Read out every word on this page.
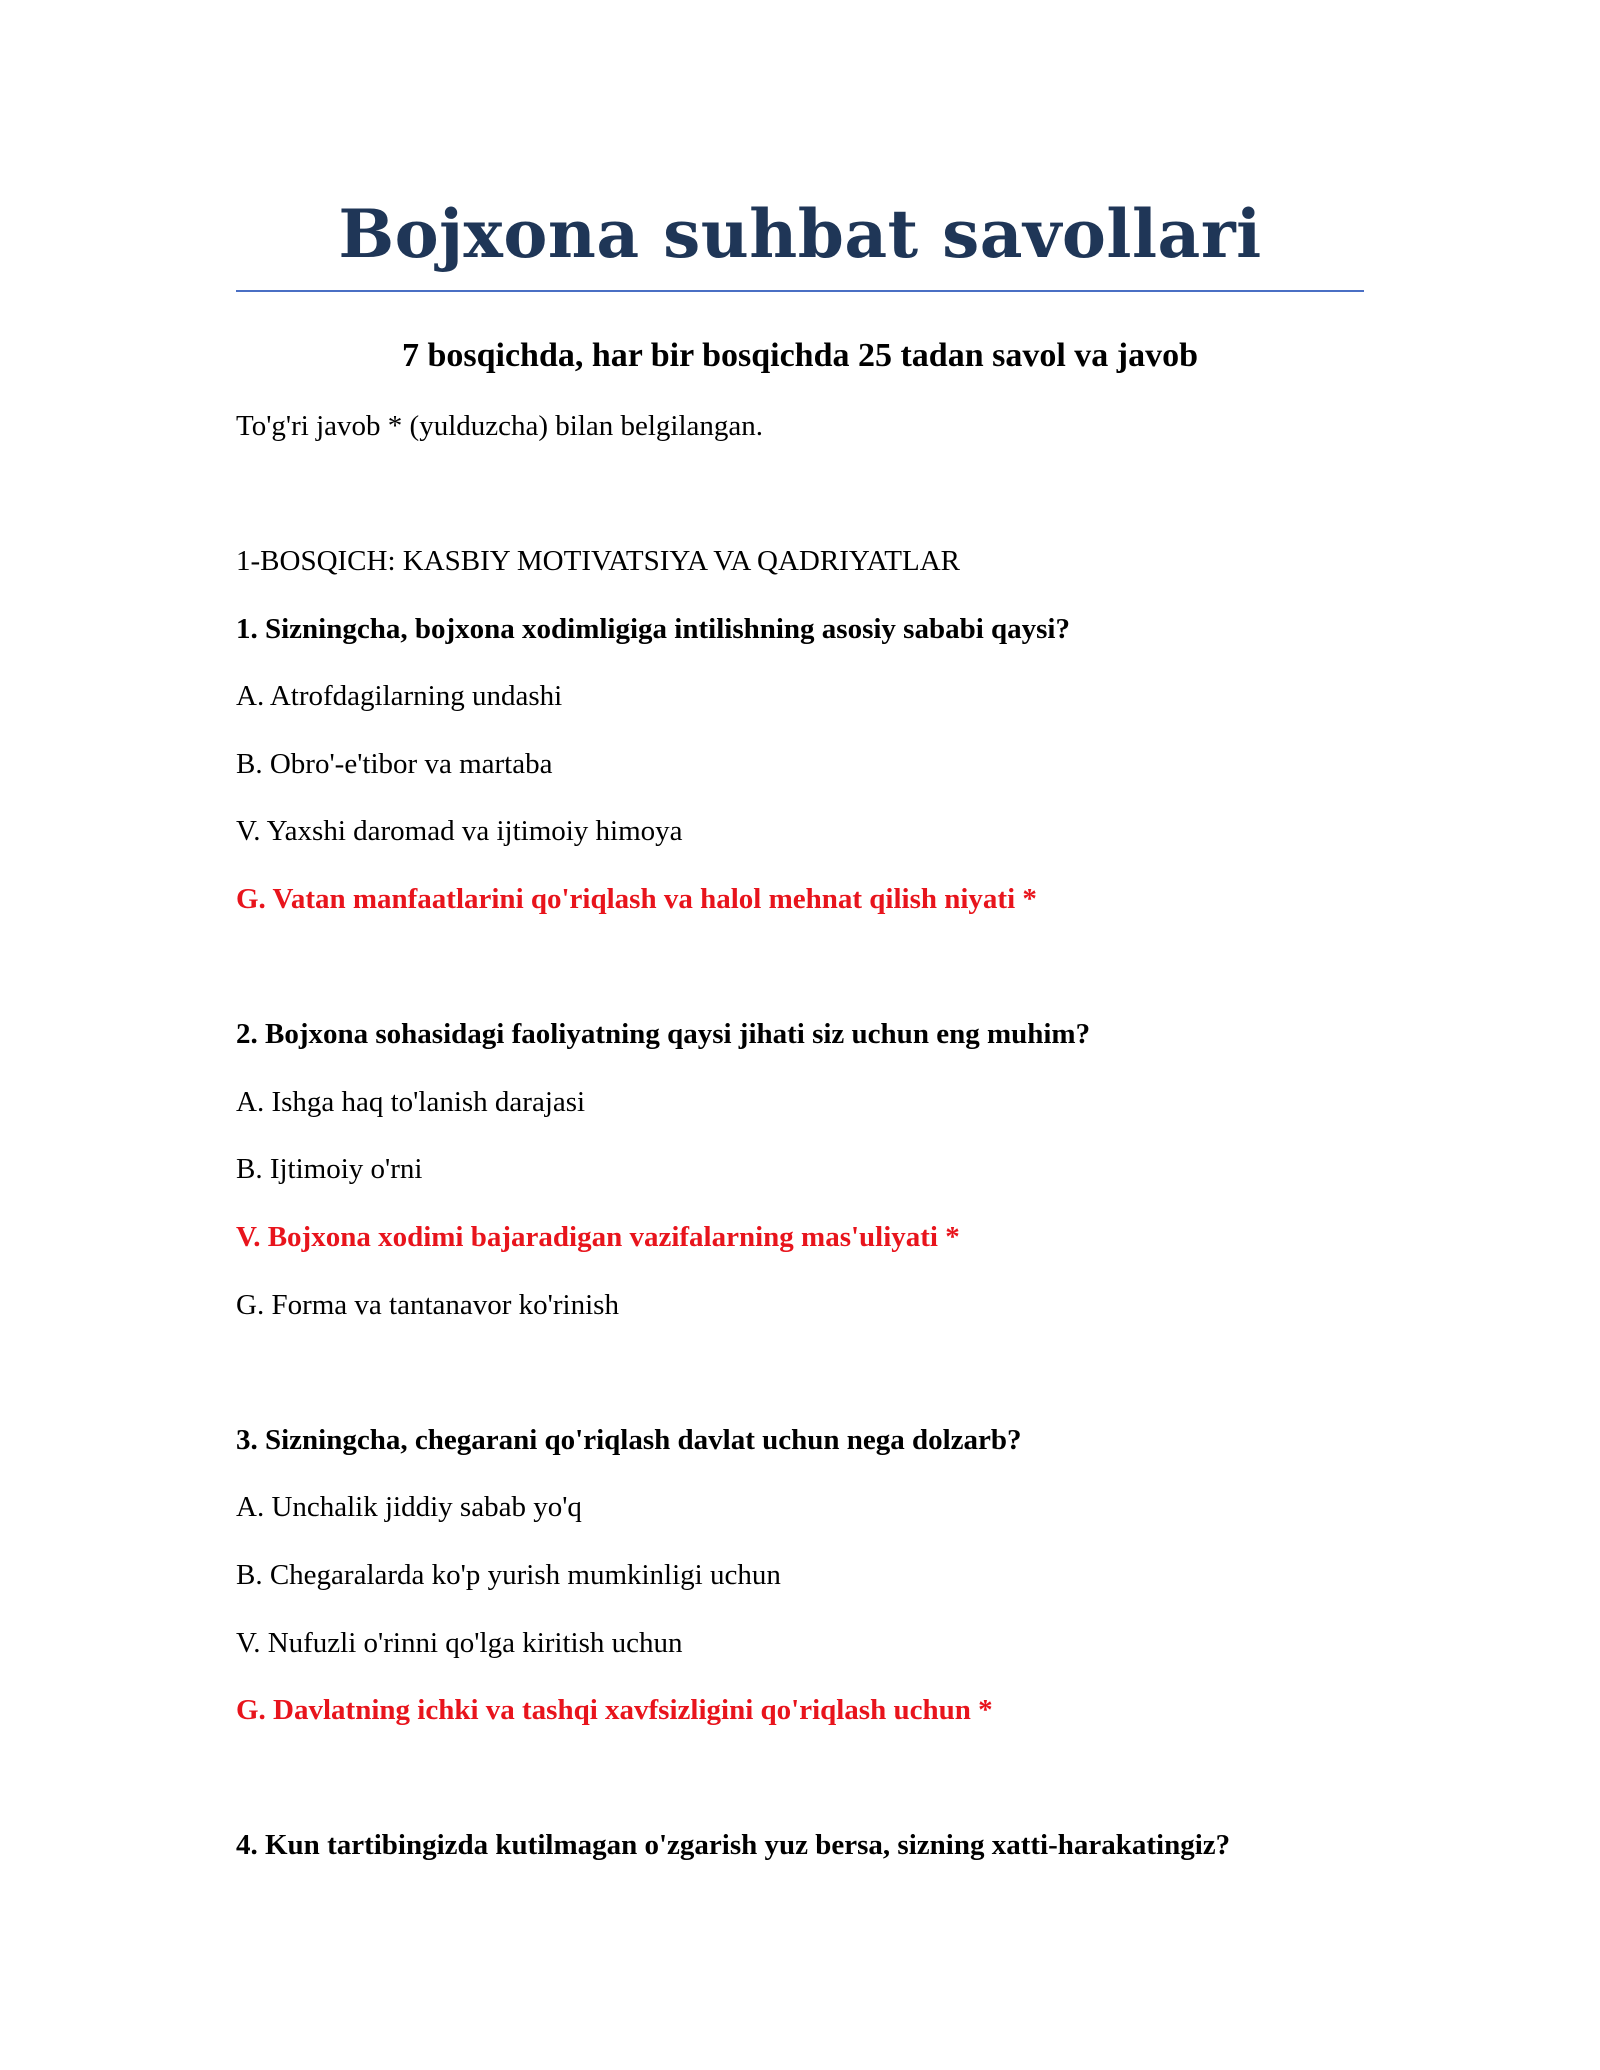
Bojxona suhbat savollari
7 bosqichda, har bir bosqichda 25 tadan savol va javob
To'g'ri javob * (yulduzcha) bilan belgilangan.
1-BOSQICH: KASBIY MOTIVATSIYA VA QADRIYATLAR
1. Sizningcha, bojxona xodimligiga intilishning asosiy sababi qaysi?
A. Atrofdagilarning undashi
B. Obro'-e'tibor va martaba
V. Yaxshi daromad va ijtimoiy himoya
G. Vatan manfaatlarini qo'riqlash va halol mehnat qilish niyati *
2. Bojxona sohasidagi faoliyatning qaysi jihati siz uchun eng muhim?
A. Ishga haq to'lanish darajasi
B. Ijtimoiy o'rni
V. Bojxona xodimi bajaradigan vazifalarning mas'uliyati *
G. Forma va tantanavor ko'rinish
3. Sizningcha, chegarani qo'riqlash davlat uchun nega dolzarb?
A. Unchalik jiddiy sabab yo'q
B. Chegaralarda ko'p yurish mumkinligi uchun
V. Nufuzli o'rinni qo'lga kiritish uchun
G. Davlatning ichki va tashqi xavfsizligini qo'riqlash uchun *
4. Kun tartibingizda kutilmagan o'zgarish yuz bersa, sizning xatti-harakatingiz?
